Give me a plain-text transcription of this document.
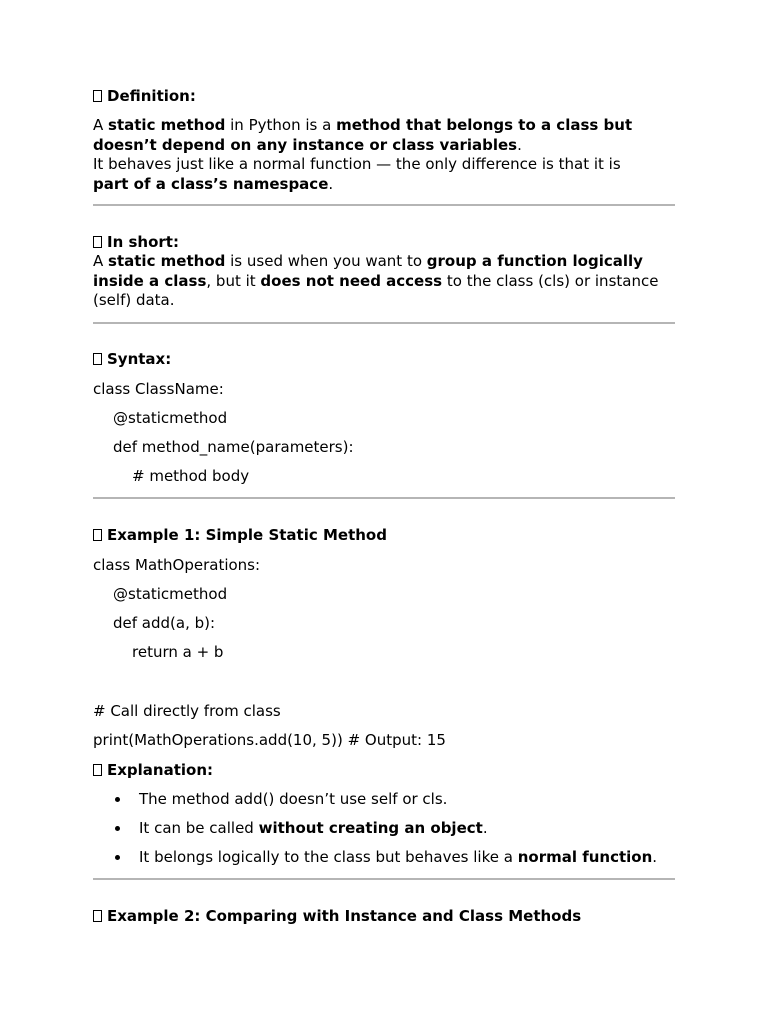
Definition:
A static method in Python is a method that belongs to a class but doesn’t depend on any instance or class variables.
It behaves just like a normal function — the only difference is that it is
part of a class’s namespace.
In short:
A static method is used when you want to group a function logically inside a class, but it does not need access to the class (cls) or instance (self) data.
Syntax:
class ClassName:
@staticmethod
def method_name(parameters):
# method body
Example 1: Simple Static Method
class MathOperations:
@staticmethod
def add(a, b):
return a + b
# Call directly from class
print(MathOperations.add(10, 5)) # Output: 15
Explanation:
The method add() doesn’t use self or cls.
It can be called without creating an object.
It belongs logically to the class but behaves like a normal function.
Example 2: Comparing with Instance and Class Methods
